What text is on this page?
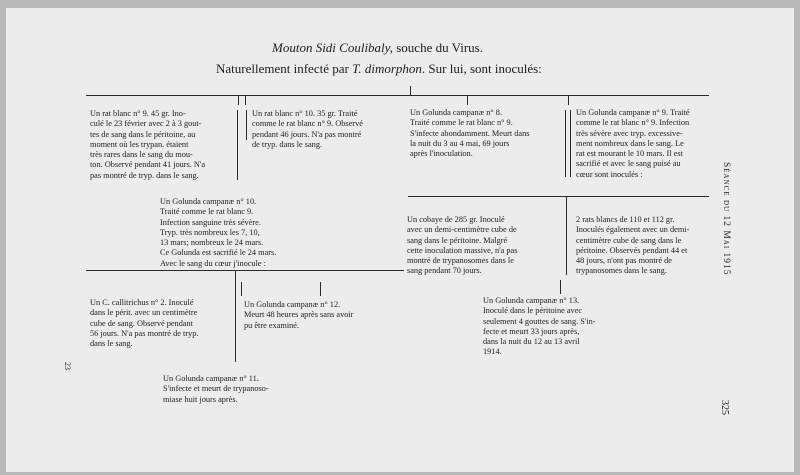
Mouton Sidi Coulibaly, souche du Virus.
Naturellement infecté par T. dimorphon. Sur lui, sont inoculés:
Un rat blanc n° 9. 45 gr. Ino-
culé le 23 février avec 2 à 3 gout-
tes de sang dans le péritoine, au
moment où les trypan. étaient
très rares dans le sang du mou-
ton. Observé pendant 41 jours. N'a
pas montré de tryp. dans le sang.
Un rat blanc n° 10. 35 gr. Traité
comme le rat blanc n° 9. Observé
pendant 46 jours. N'a pas montré
de tryp. dans le sang.
Un Golunda campanæ n° 8.
Traité comme le rat blanc n° 9.
S'infecte abondamment. Meurt dans
la nuit du 3 au 4 mai, 69 jours
après l'inoculation.
Un Golunda campanæ n° 9. Traité
comme le rat blanc n° 9. Infection
très sévère avec tryp. excessive-
ment nombreux dans le sang. Le
rat est mourant le 10 mars. Il est
sacrifié et avec le sang puisé au
cœur sont inoculés :
Un Golunda campanæ n° 10.
Traité comme le rat blanc 9.
Infection sanguine très sévère.
Tryp. très nombreux les 7, 10,
13 mars; nombreux le 24 mars.
Ce Golunda est sacrifié le 24 mars.
Avec le sang du cœur j'inocule :
Un cobaye de 285 gr. Inoculé
avec un demi-centimètre cube de
sang dans le péritoine. Malgré
cette inoculation massive, n'a pas
montré de trypanosomes dans le
sang pendant 70 jours.
2 rats blancs de 110 et 112 gr.
Inoculés également avec un demi-
centimètre cube de sang dans le
péritoine. Observés pendant 44 et
48 jours, n'ont pas montré de
trypanosomes dans le sang.
Un C. callitrichus n° 2. Inoculé
dans le périt. avec un centimètre
cube de sang. Observé pendant
56 jours. N'a pas montré de tryp.
dans le sang.
Un Golunda campanæ n° 12.
Meurt 48 heures après sans avoir
pu être examiné.
Un Golunda campanæ n° 13.
Inoculé dans le péritoine avec
seulement 4 gouttes de sang. S'in-
fecte et meurt 33 jours après,
dans la nuit du 12 au 13 avril
1914.
Un Golunda campanæ n° 11.
S'infecte et meurt de trypanoso-
miase huit jours après.
Séance du 12 Mai 1915
325
23
